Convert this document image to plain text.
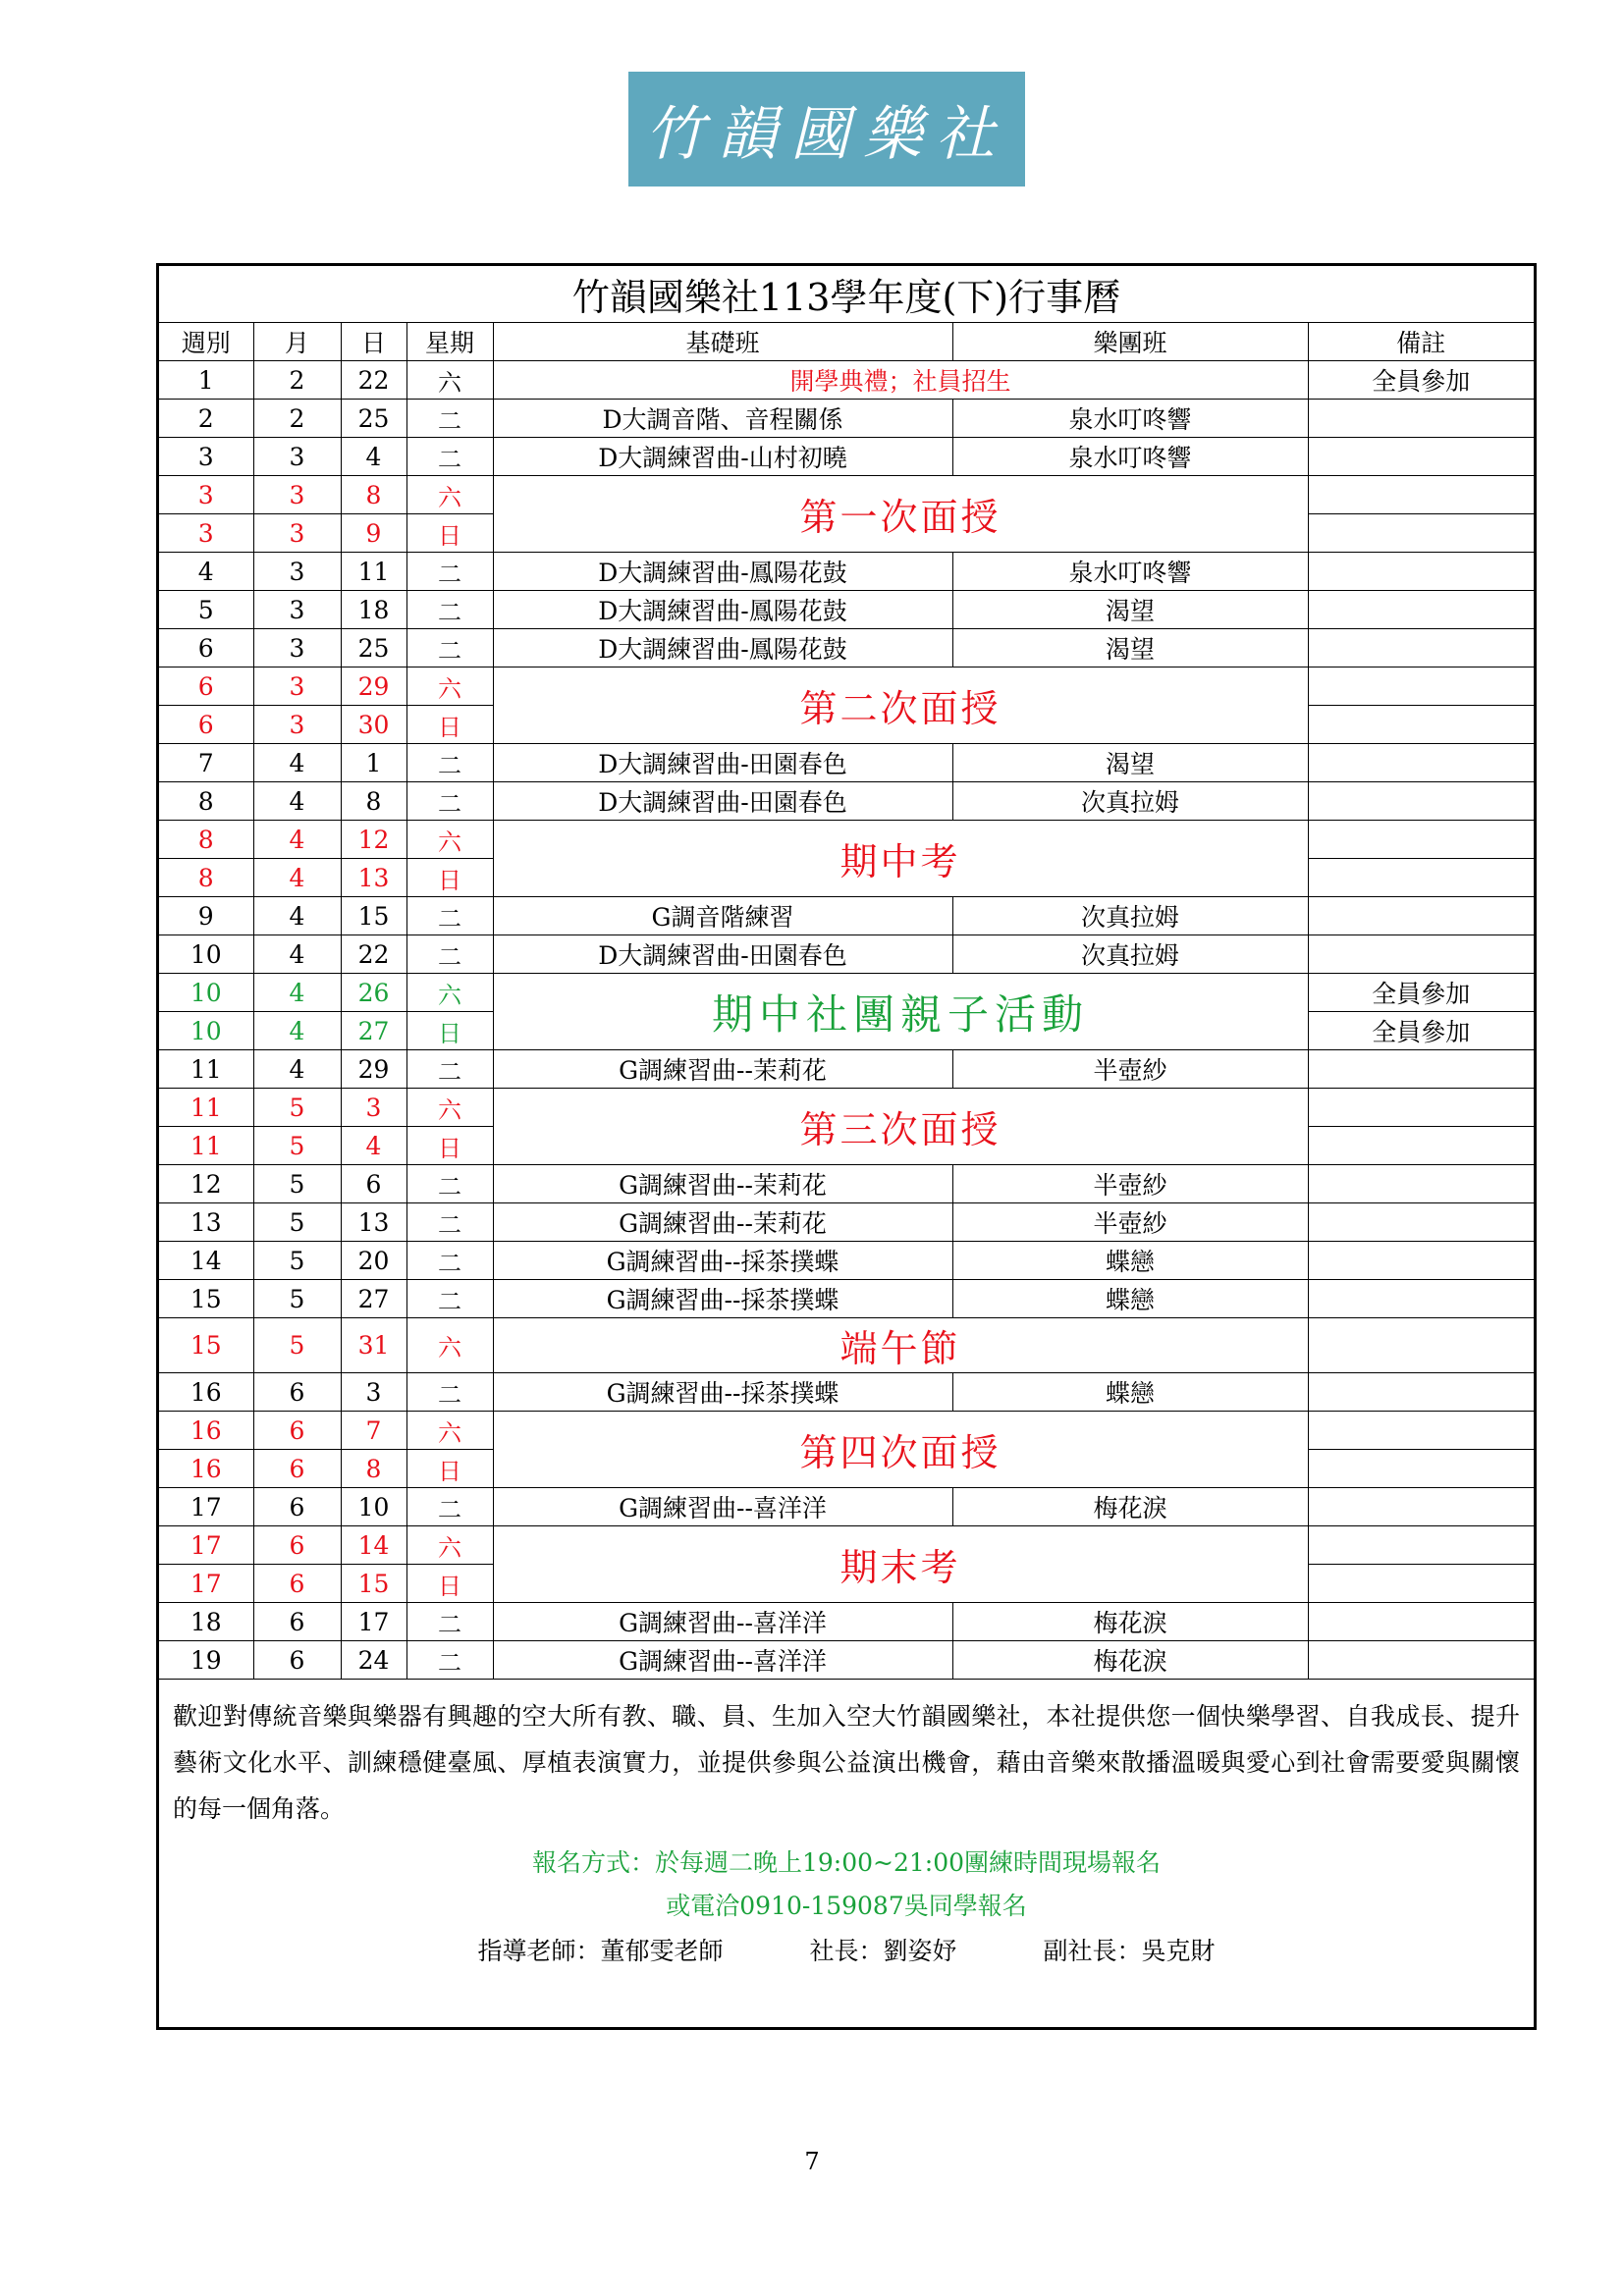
竹韻國樂社
竹韻國樂社113學年度(下)行事曆						
週別	月	日	星期	基礎班	樂團班	備註
1	2	22	六	開學典禮；社員招生		全員參加
2	2	25	二	D大調音階、音程關係	泉水叮咚響	
3	3	4	二	D大調練習曲-山村初曉	泉水叮咚響	
3	3	8	六	第一次面授		
3	3	9	日			
4	3	11	二	D大調練習曲-鳳陽花鼓	泉水叮咚響	
5	3	18	二	D大調練習曲-鳳陽花鼓	渴望	
6	3	25	二	D大調練習曲-鳳陽花鼓	渴望	
6	3	29	六	第二次面授		
6	3	30	日			
7	4	1	二	D大調練習曲-田園春色	渴望	
8	4	8	二	D大調練習曲-田園春色	次真拉姆	
8	4	12	六	期中考		
8	4	13	日			
9	4	15	二	G調音階練習	次真拉姆	
10	4	22	二	D大調練習曲-田園春色	次真拉姆	
10	4	26	六	期中社團親子活動		全員參加
10	4	27	日			全員參加
11	4	29	二	G調練習曲--茉莉花	半壺紗	
11	5	3	六	第三次面授		
11	5	4	日			
12	5	6	二	G調練習曲--茉莉花	半壺紗	
13	5	13	二	G調練習曲--茉莉花	半壺紗	
14	5	20	二	G調練習曲--採茶撲蝶	蝶戀	
15	5	27	二	G調練習曲--採茶撲蝶	蝶戀	
15	5	31	六	端午節		
16	6	3	二	G調練習曲--採茶撲蝶	蝶戀	
16	6	7	六	第四次面授		
16	6	8	日			
17	6	10	二	G調練習曲--喜洋洋	梅花淚	
17	6	14	六	期末考		
17	6	15	日			
18	6	17	二	G調練習曲--喜洋洋	梅花淚	
19	6	24	二	G調練習曲--喜洋洋	梅花淚	
歡迎對傳統音樂與樂器有興趣的空大所有教、職、員、生加入空大竹韻國樂社，本社提供您一個快樂學習、自我成長、提升藝術文化水平、訓練穩健臺風、厚植表演實力，並提供參與公益演出機會，藉由音樂來散播溫暖與愛心到社會需要愛與關懷的每一個角落。
報名方式：於每週二晚上19:00~21:00團練時間現場報名
或電洽0910-159087吳同學報名
指導老師：董郁雯老師	社長：劉姿妤	副社長：吳克財
7
